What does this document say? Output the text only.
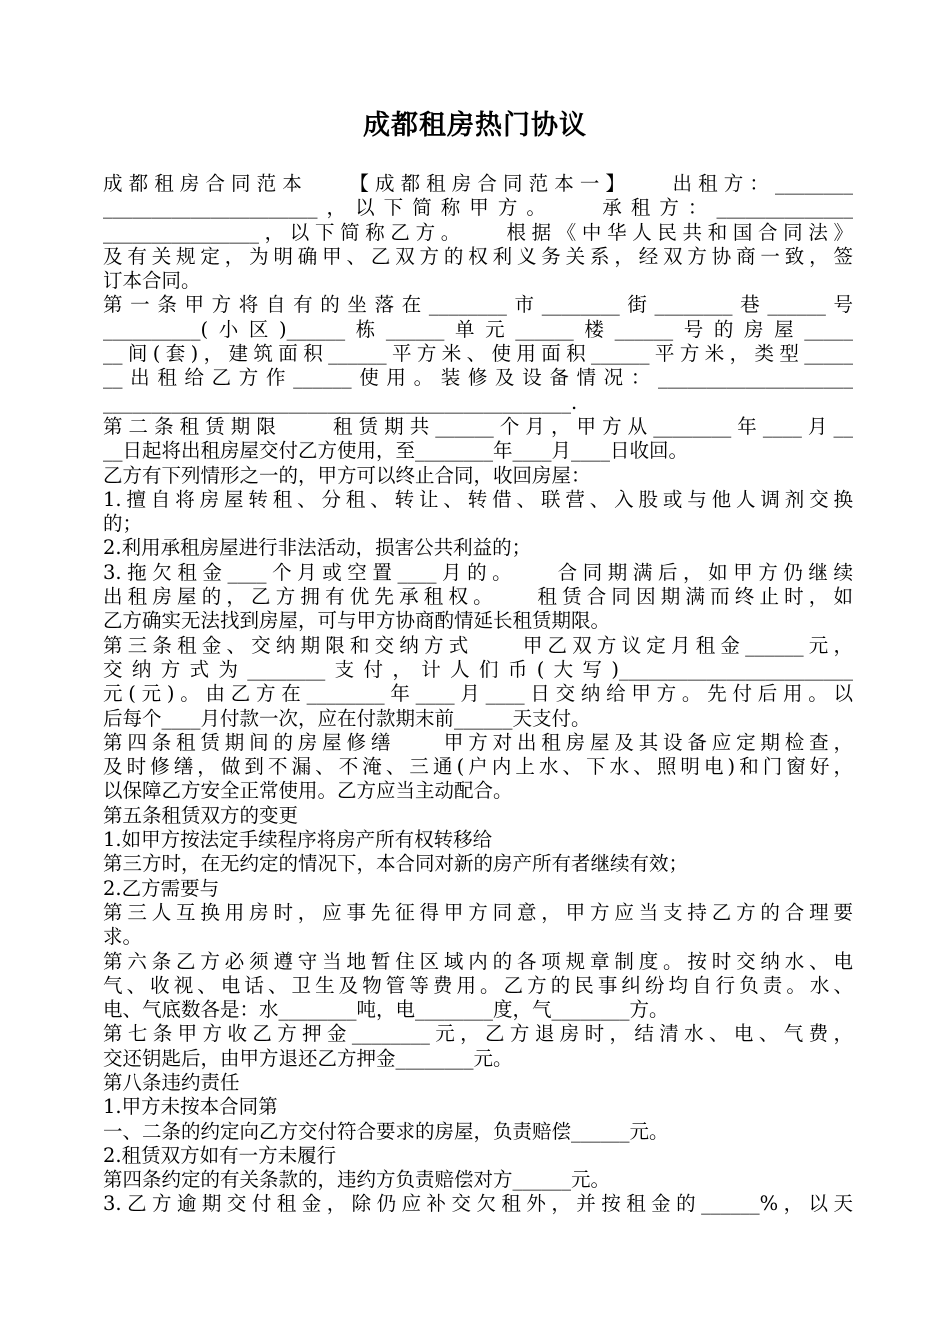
成都租房热门协议
成都租房合同范本　　【成都租房合同范本一】　　出租方：________
______________________，以下简称甲方。　　承租方：______________
________________，以下简称乙方。　　根据《中华人民共和国合同法》
及有关规定，为明确甲、乙双方的权利义务关系，经双方协商一致，签
订本合同。
第一条甲方将自有的坐落在________市________街________巷______号
__________(小区)______栋______单元______楼______号的房屋_____
__间(套)，建筑面积______平方米、使用面积______平方米，类型_____
__出租给乙方作______使用。装修及设备情况：____________________
________________________________________________.
第二条租赁期限　　租赁期共______个月，甲方从________年____月__
__日起将出租房屋交付乙方使用，至________年____月____日收回。
乙方有下列情形之一的，甲方可以终止合同，收回房屋：
1.擅自将房屋转租、分租、转让、转借、联营、入股或与他人调剂交换
的；
2.利用承租房屋进行非法活动，损害公共利益的；
3.拖欠租金____个月或空置____月的。　　合同期满后，如甲方仍继续
出租房屋的，乙方拥有优先承租权。　　租赁合同因期满而终止时，如
乙方确实无法找到房屋，可与甲方协商酌情延长租赁期限。
第三条租金、交纳期限和交纳方式　　甲乙双方议定月租金______元，
交纳方式为________支付，计人们币(大写)________________________
元(元)。由乙方在________年____月____日交纳给甲方。先付后用。以
后每个____月付款一次，应在付款期末前______天支付。
第四条租赁期间的房屋修缮　　甲方对出租房屋及其设备应定期检查，
及时修缮，做到不漏、不淹、三通(户内上水、下水、照明电)和门窗好，
以保障乙方安全正常使用。乙方应当主动配合。
第五条租赁双方的变更
1.如甲方按法定手续程序将房产所有权转移给
第三方时，在无约定的情况下，本合同对新的房产所有者继续有效；
2.乙方需要与
第三人互换用房时，应事先征得甲方同意，甲方应当支持乙方的合理要
求。
第六条乙方必须遵守当地暂住区域内的各项规章制度。按时交纳水、电
气、收视、电话、卫生及物管等费用。乙方的民事纠纷均自行负责。水、
电、气底数各是：水________吨，电________度，气________方。
第七条甲方收乙方押金________元，乙方退房时，结清水、电、气费，
交还钥匙后，由甲方退还乙方押金________元。
第八条违约责任
1.甲方未按本合同第
一、二条的约定向乙方交付符合要求的房屋，负责赔偿______元。
2.租赁双方如有一方未履行
第四条约定的有关条款的，违约方负责赔偿对方______元。
3.乙方逾期交付租金，除仍应补交欠租外，并按租金的______%，以天
